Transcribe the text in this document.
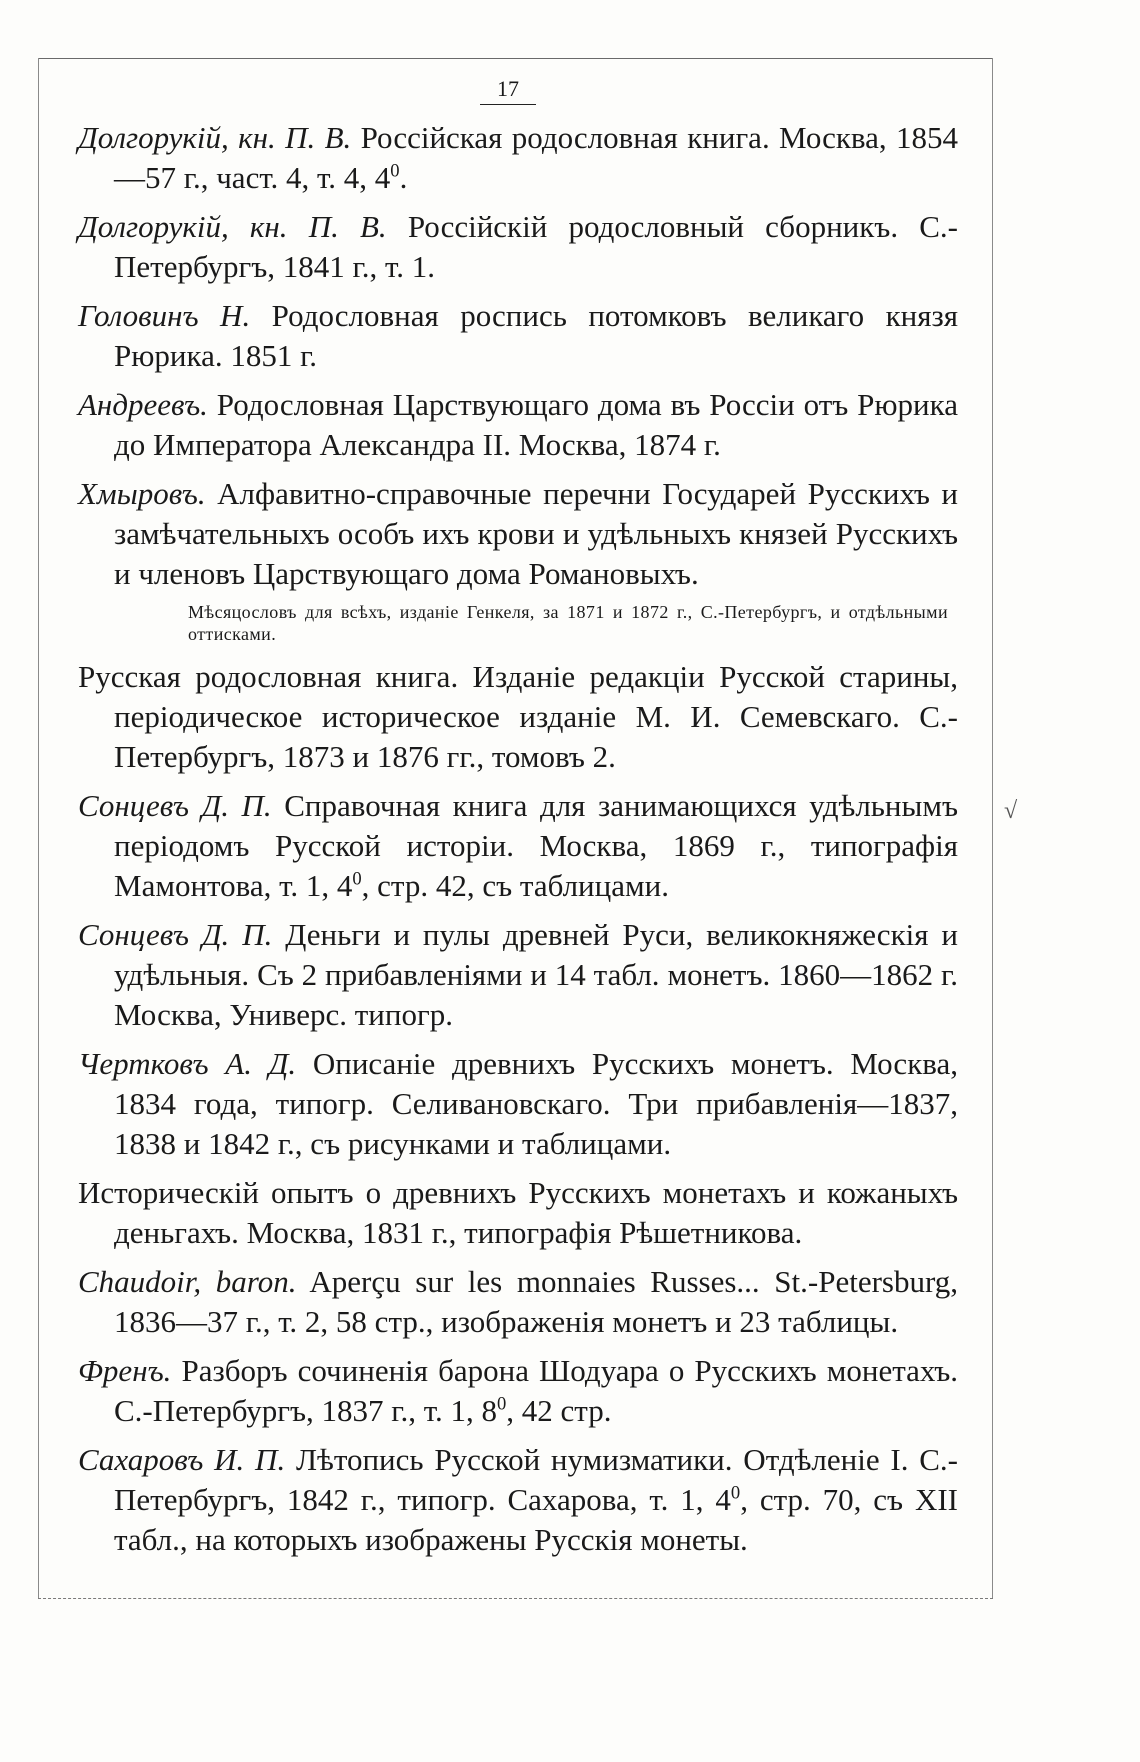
17

Долгорукій, кн. П. В. Россійская родословная книга. Москва, 1854—57 г., част. 4, т. 4, $4^0$.

Долгорукій, кн. П. В. Россійскій родословный сборникъ. С.-Петербургъ, 1841 г., т. 1.

Головинъ Н. Родословная роспись потомковъ великаго князя Рюрика. 1851 г.

Андреевъ. Родословная Царствующаго дома въ Россіи отъ Рюрика до Императора Александра II. Москва, 1874 г.

Хмыровъ. Алфавитно-справочные перечни Государей Русскихъ и замѣчательныхъ особъ ихъ крови и удѣльныхъ князей Русскихъ и членовъ Царствующаго дома Романовыхъ.

Мѣсяцословъ для всѣхъ, изданіе Генкеля, за 1871 и 1872 г., С.-Петербургъ, и отдѣльными оттисками.

Русская родословная книга. Изданіе редакціи Русской старины, періодическое историческое изданіе М. И. Семевскаго. С.-Петербургъ, 1873 и 1876 гг., томовъ 2.

Сонцевъ Д. П. Справочная книга для занимающихся удѣльнымъ періодомъ Русской исторіи. Москва, 1869 г., типографія Мамонтова, т. 1, $4^0$, стр. 42, съ таблицами.

Сонцевъ Д. П. Деньги и пулы древней Руси, великокняжескія и удѣльныя. Съ 2 прибавленіями и 14 табл. монетъ. 1860—1862 г. Москва, Универс. типогр.

Чертковъ А. Д. Описаніе древнихъ Русскихъ монетъ. Москва, 1834 года, типогр. Селивановскаго. Три прибавленія—1837, 1838 и 1842 г., съ рисунками и таблицами.

Историческій опытъ о древнихъ Русскихъ монетахъ и кожаныхъ деньгахъ. Москва, 1831 г., типографія Рѣшетникова.

Chaudoir, baron. Aperçu sur les monnaies Russes... St.-Petersburg, 1836—37 г., т. 2, 58 стр., изображенія монетъ и 23 таблицы.

Френъ. Разборъ сочиненія барона Шодуара о Русскихъ монетахъ. С.-Петербургъ, 1837 г., т. 1, $8^0$, 42 стр.

Сахаровъ И. П. Лѣтопись Русской нумизматики. Отдѣленіе I. С.-Петербургъ, 1842 г., типогр. Сахарова, т. 1, $4^0$, стр. 70, съ XII табл., на которыхъ изображены Русскія монеты.

√
